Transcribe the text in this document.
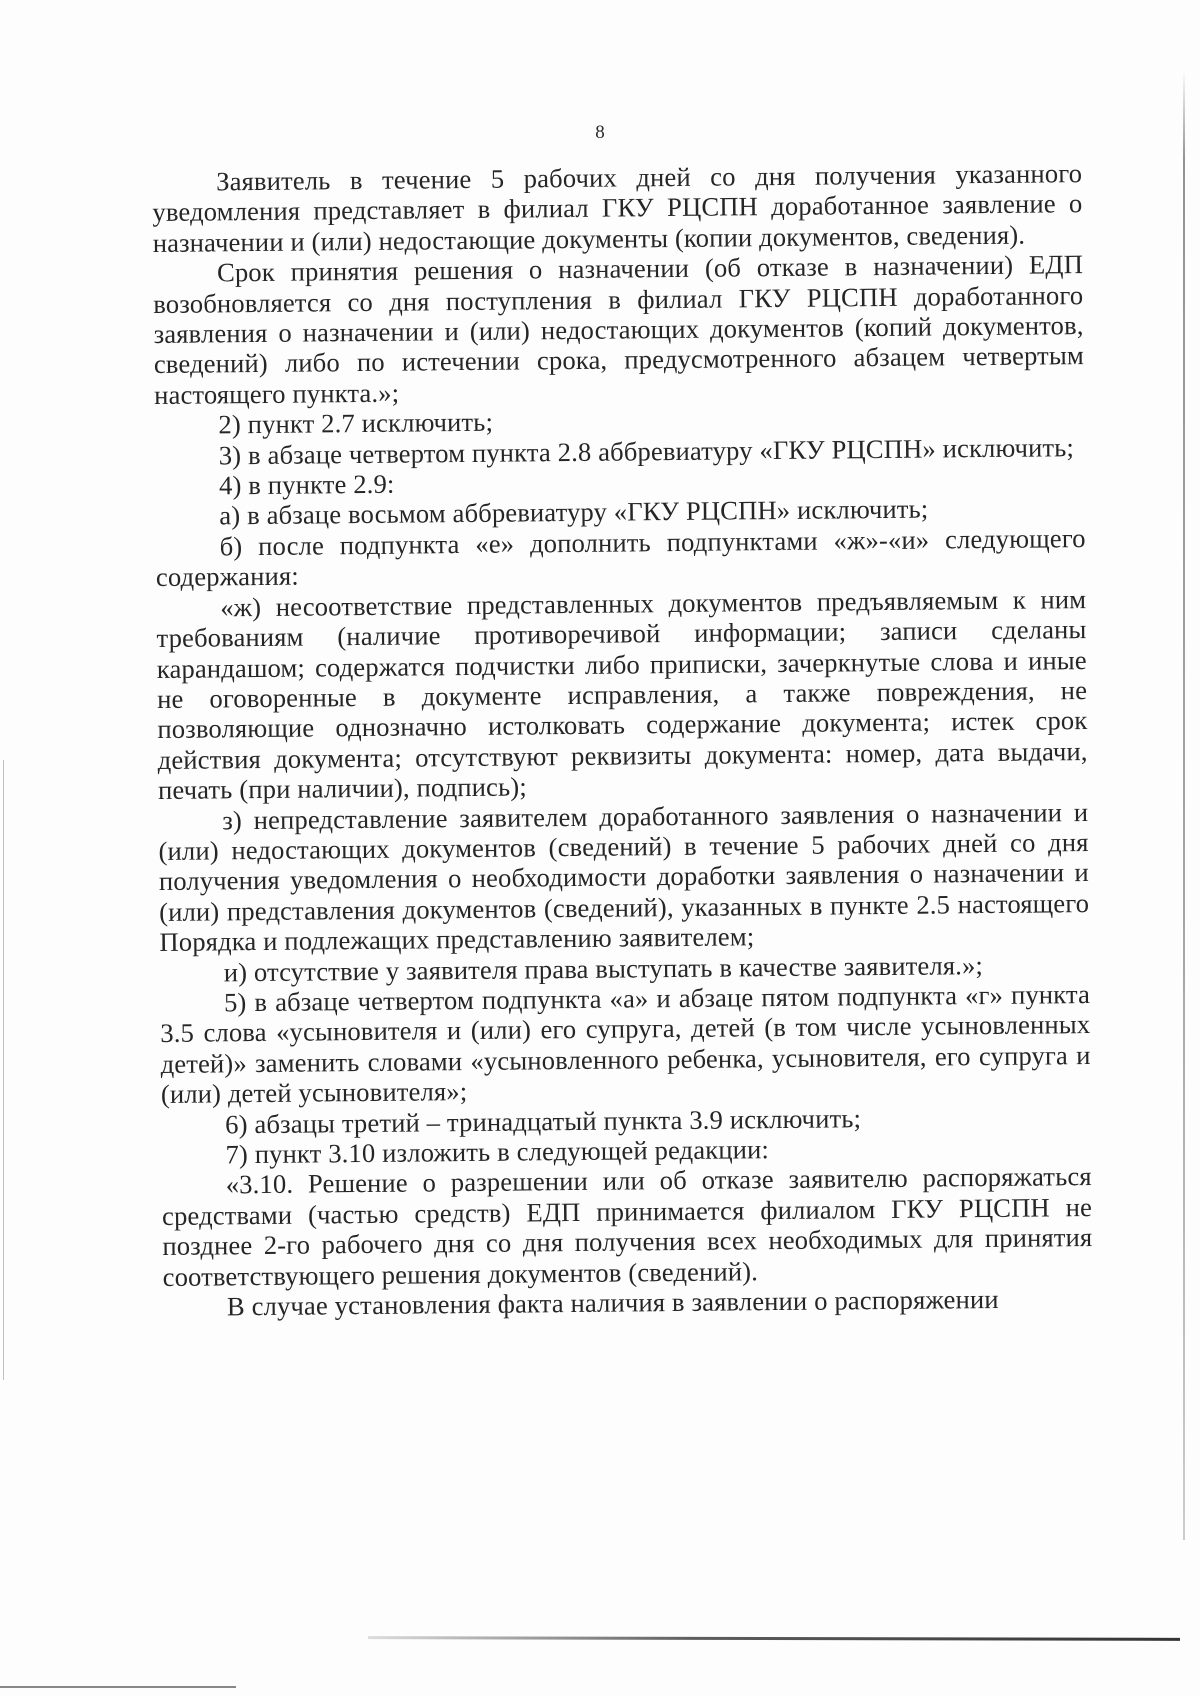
8

Заявитель в течение 5 рабочих дней со дня получения указанного уведомления представляет в филиал ГКУ РЦСПН доработанное заявление о назначении и (или) недостающие документы (копии документов, сведения).

Срок принятия решения о назначении (об отказе в назначении) ЕДП возобновляется со дня поступления в филиал ГКУ РЦСПН доработанного заявления о назначении и (или) недостающих документов (копий документов, сведений) либо по истечении срока, предусмотренного абзацем четвертым настоящего пункта.»;

2) пункт 2.7 исключить;

3) в абзаце четвертом пункта 2.8 аббревиатуру «ГКУ РЦСПН» исключить;

4) в пункте 2.9:

а) в абзаце восьмом аббревиатуру «ГКУ РЦСПН» исключить;

б) после подпункта «е» дополнить подпунктами «ж»-«и» следующего содержания:

«ж) несоответствие представленных документов предъявляемым к ним требованиям (наличие противоречивой информации; записи сделаны карандашом; содержатся подчистки либо приписки, зачеркнутые слова и иные не оговоренные в документе исправления, а также повреждения, не позволяющие однозначно истолковать содержание документа; истек срок действия документа; отсутствуют реквизиты документа: номер, дата выдачи, печать (при наличии), подпись);

з) непредставление заявителем доработанного заявления о назначении и (или) недостающих документов (сведений) в течение 5 рабочих дней со дня получения уведомления о необходимости доработки заявления о назначении и (или) представления документов (сведений), указанных в пункте 2.5 настоящего Порядка и подлежащих представлению заявителем;

и) отсутствие у заявителя права выступать в качестве заявителя.»;

5) в абзаце четвертом подпункта «а» и абзаце пятом подпункта «г» пункта 3.5 слова «усыновителя и (или) его супруга, детей (в том числе усыновленных детей)» заменить словами «усыновленного ребенка, усыновителя, его супруга и (или) детей усыновителя»;

6) абзацы третий – тринадцатый пункта 3.9 исключить;

7) пункт 3.10 изложить в следующей редакции:

«3.10. Решение о разрешении или об отказе заявителю распоряжаться средствами (частью средств) ЕДП принимается филиалом ГКУ РЦСПН не позднее 2-го рабочего дня со дня получения всех необходимых для принятия соответствующего решения документов (сведений).

В случае установления факта наличия в заявлении о распоряжении
